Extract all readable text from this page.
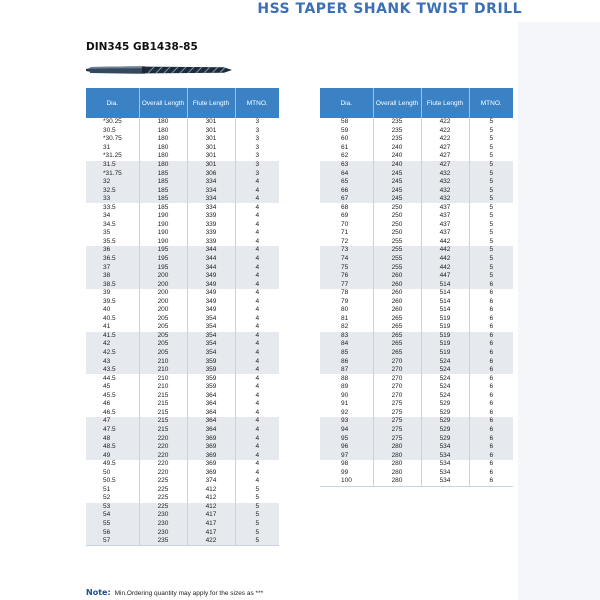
HSS TAPER SHANK TWIST DRILL
DIN345 GB1438-85
Dia.	Overall Length	Flute Length	MTNO.
*30.25	180	301	3
30.5	180	301	3
*30.75	180	301	3
31	180	301	3
*31.25	180	301	3
31.5	180	301	3
*31.75	185	306	3
32	185	334	4
32.5	185	334	4
33	185	334	4
33.5	185	334	4
34	190	339	4
34.5	190	339	4
35	190	339	4
35.5	190	339	4
36	195	344	4
36.5	195	344	4
37	195	344	4
38	200	349	4
38.5	200	349	4
39	200	349	4
39.5	200	349	4
40	200	349	4
40.5	205	354	4
41	205	354	4
41.5	205	354	4
42	205	354	4
42.5	205	354	4
43	210	359	4
43.5	210	359	4
44.5	210	359	4
45	210	359	4
45.5	215	364	4
46	215	364	4
46.5	215	364	4
47	215	364	4
47.5	215	364	4
48	220	369	4
48.5	220	369	4
49	220	369	4
49.5	220	369	4
50	220	369	4
50.5	225	374	4
51	225	412	5
52	225	412	5
53	225	412	5
54	230	417	5
55	230	417	5
56	230	417	5
57	235	422	5
Dia.	Overall Length	Flute Length	MTNO.
58	235	422	5
59	235	422	5
60	235	422	5
61	240	427	5
62	240	427	5
63	240	427	5
64	245	432	5
65	245	432	5
66	245	432	5
67	245	432	5
68	250	437	5
69	250	437	5
70	250	437	5
71	250	437	5
72	255	442	5
73	255	442	5
74	255	442	5
75	255	442	5
76	260	447	5
77	260	514	6
78	260	514	6
79	260	514	6
80	260	514	6
81	265	519	6
82	265	519	6
83	265	519	6
84	265	519	6
85	265	519	6
86	270	524	6
87	270	524	6
88	270	524	6
89	270	524	6
90	270	524	6
91	275	529	6
92	275	529	6
93	275	529	6
94	275	529	6
95	275	529	6
96	280	534	6
97	280	534	6
98	280	534	6
99	280	534	6
100	280	534	6
Note: Min.Ordering quantity may apply for the sizes as ***
